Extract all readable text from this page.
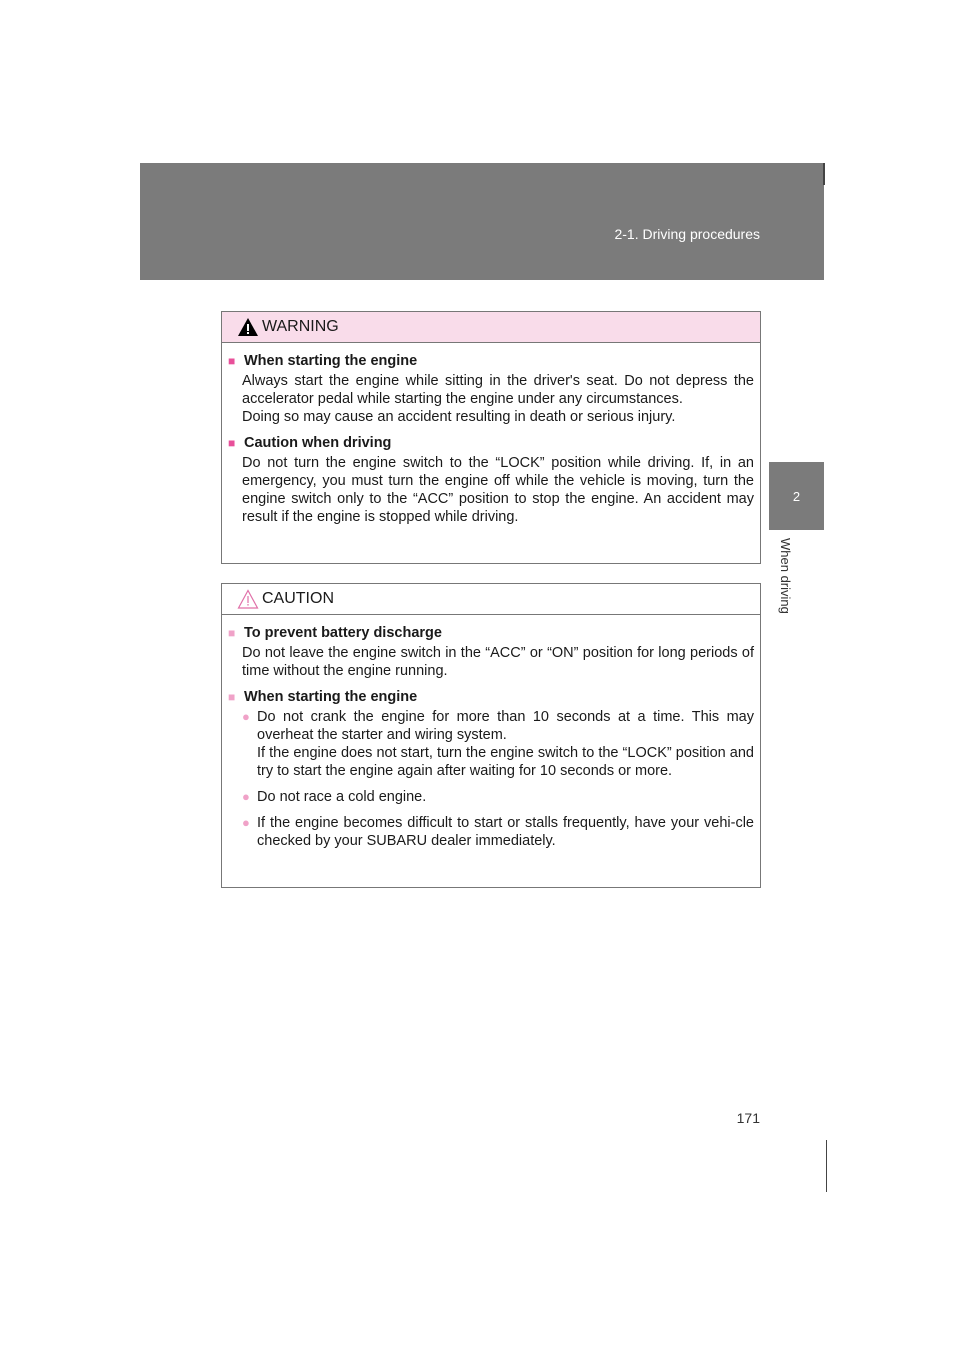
2-1. Driving procedures
2
When driving
WARNING
■ When starting the engine

Always start the engine while sitting in the driver's seat. Do not depress the accelerator pedal while starting the engine under any circumstances.

Doing so may cause an accident resulting in death or serious injury.

■ Caution when driving

Do not turn the engine switch to the “LOCK” position while driving. If, in an emergency, you must turn the engine off while the vehicle is moving, turn the engine switch only to the “ACC” position to stop the engine. An accident may result if the engine is stopped while driving.

CAUTION
■ To prevent battery discharge

Do not leave the engine switch in the “ACC” or “ON” position for long periods of time without the engine running.

■ When starting the engine
● Do not crank the engine for more than 10 seconds at a time. This may overheat the starter and wiring system.

If the engine does not start, turn the engine switch to the “LOCK” position and try to start the engine again after waiting for 10 seconds or more.

● Do not race a cold engine.

● If the engine becomes difficult to start or stalls frequently, have your vehi-cle checked by your SUBARU dealer immediately.

171
